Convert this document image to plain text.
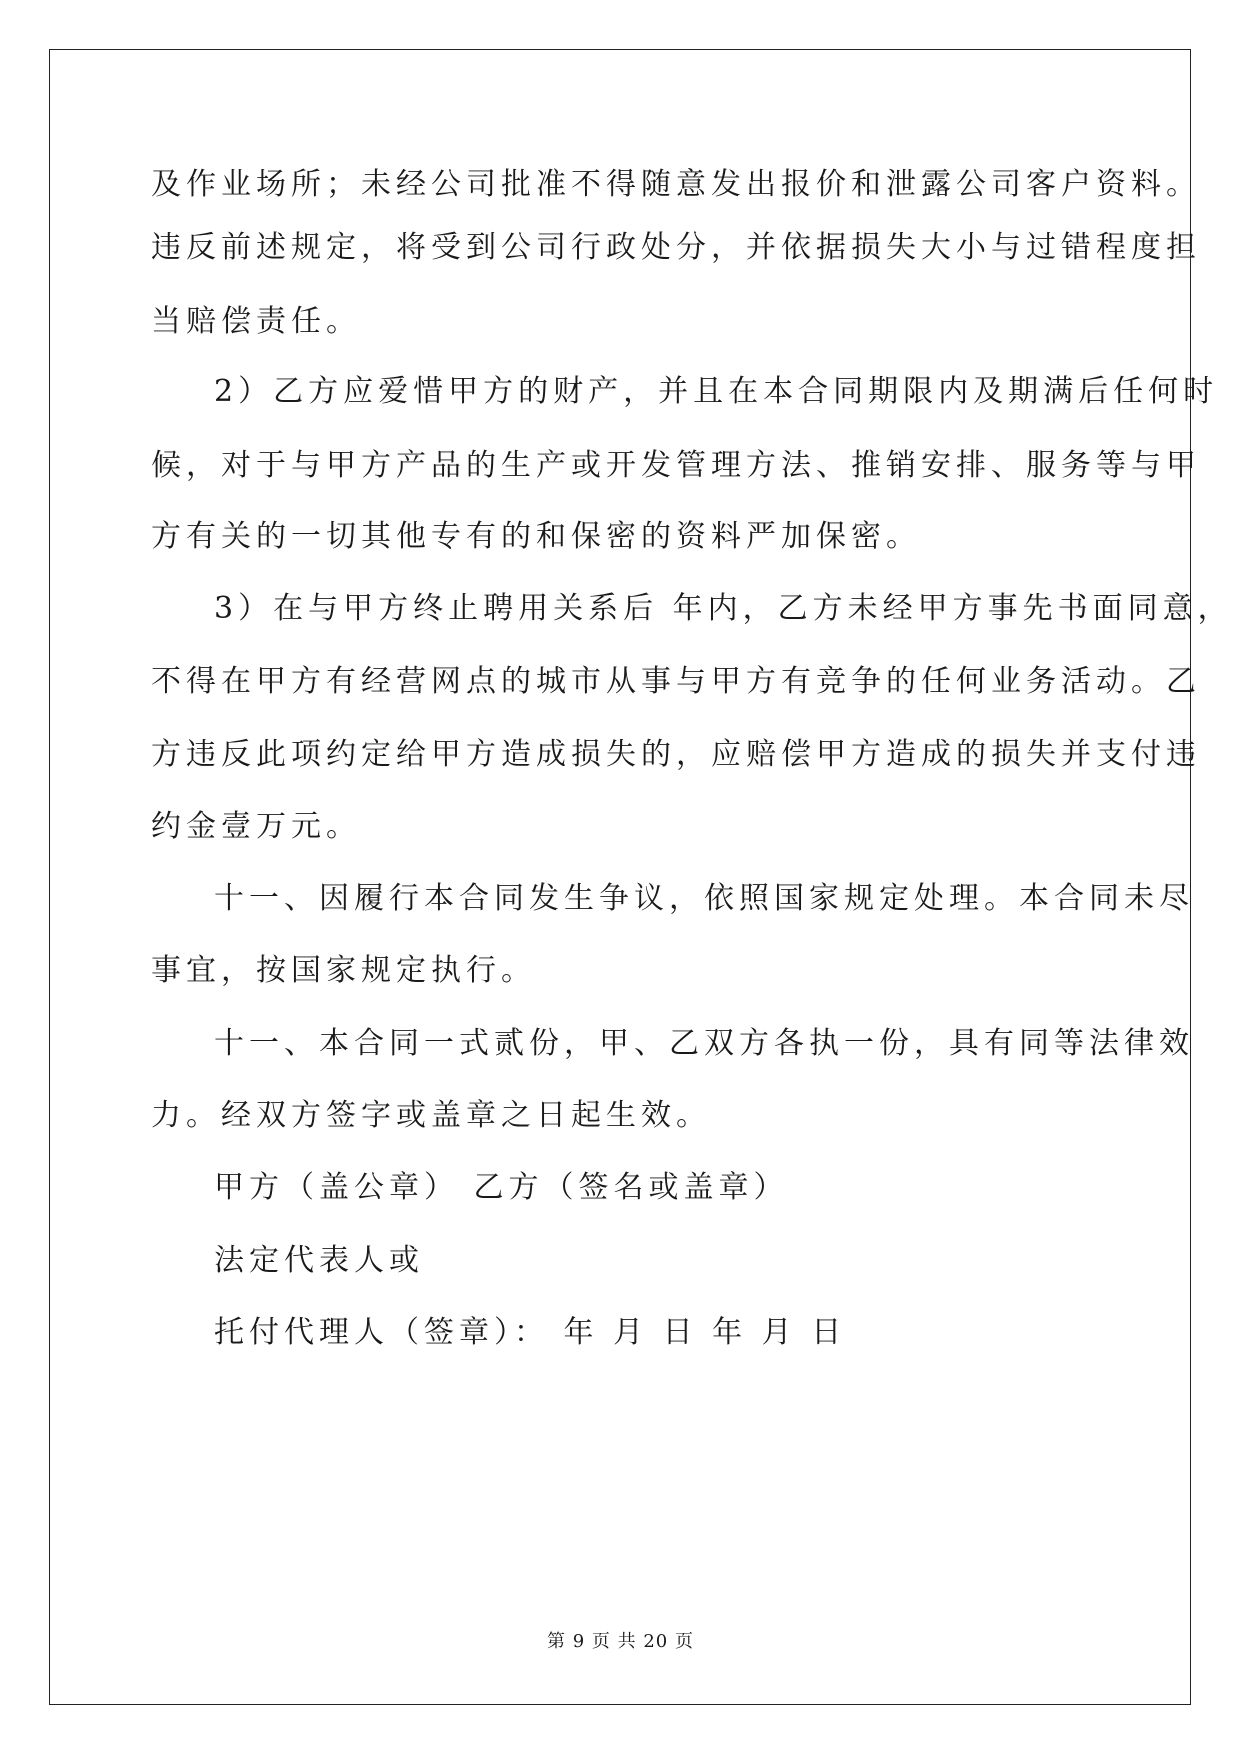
及作业场所；未经公司批准不得随意发出报价和泄露公司客户资料。
违反前述规定，将受到公司行政处分，并依据损失大小与过错程度担
当赔偿责任。
2）乙方应爱惜甲方的财产，并且在本合同期限内及期满后任何时
候，对于与甲方产品的生产或开发管理方法、推销安排、服务等与甲
方有关的一切其他专有的和保密的资料严加保密。
3）在与甲方终止聘用关系后 年内，乙方未经甲方事先书面同意，
不得在甲方有经营网点的城市从事与甲方有竞争的任何业务活动。乙
方违反此项约定给甲方造成损失的，应赔偿甲方造成的损失并支付违
约金壹万元。
十一、因履行本合同发生争议，依照国家规定处理。本合同未尽
事宜，按国家规定执行。
十一、本合同一式贰份，甲、乙双方各执一份，具有同等法律效
力。经双方签字或盖章之日起生效。
甲方（盖公章） 乙方（签名或盖章）
法定代表人或
托付代理人（签章）： 年 月 日 年 月 日
第 9 页 共 20 页
